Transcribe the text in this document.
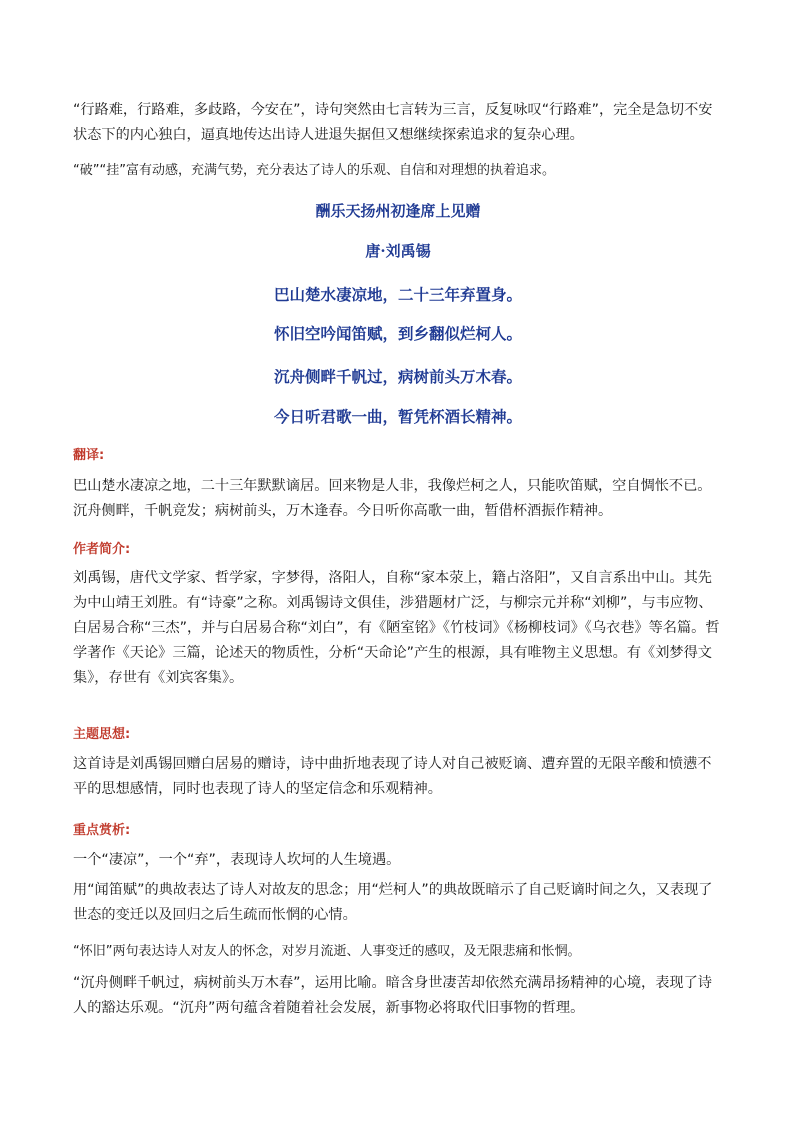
“行路难，行路难，多歧路，今安在”，诗句突然由七言转为三言，反复咏叹“行路难”，完全是急切不安状态下的内心独白，逼真地传达出诗人进退失据但又想继续探索追求的复杂心理。

“破”“挂”富有动感，充满气势，充分表达了诗人的乐观、自信和对理想的执着追求。

酬乐天扬州初逢席上见赠

唐·刘禹锡

巴山楚水凄凉地，二十三年弃置身。

怀旧空吟闻笛赋，到乡翻似烂柯人。

沉舟侧畔千帆过，病树前头万木春。

今日听君歌一曲，暂凭杯酒长精神。

翻译:

巴山楚水凄凉之地，二十三年默默谪居。回来物是人非，我像烂柯之人，只能吹笛赋，空自惆怅不已。沉舟侧畔，千帆竞发；病树前头，万木逢春。今日听你高歌一曲，暂借杯酒振作精神。

作者简介:

刘禹锡，唐代文学家、哲学家，字梦得，洛阳人，自称“家本荥上，籍占洛阳”，又自言系出中山。其先为中山靖王刘胜。有“诗豪”之称。刘禹锡诗文俱佳，涉猎题材广泛，与柳宗元并称“刘柳”，与韦应物、白居易合称“三杰”，并与白居易合称“刘白”，有《陋室铭》《竹枝词》《杨柳枝词》《乌衣巷》等名篇。哲学著作《天论》三篇，论述天的物质性，分析“天命论”产生的根源，具有唯物主义思想。有《刘梦得文集》，存世有《刘宾客集》。

主题思想:

这首诗是刘禹锡回赠白居易的赠诗，诗中曲折地表现了诗人对自己被贬谪、遭弃置的无限辛酸和愤懑不平的思想感情，同时也表现了诗人的坚定信念和乐观精神。

重点赏析:

一个“凄凉”，一个“弃”，表现诗人坎坷的人生境遇。

用“闻笛赋”的典故表达了诗人对故友的思念；用“烂柯人”的典故既暗示了自己贬谪时间之久，又表现了世态的变迁以及回归之后生疏而怅惘的心情。

“怀旧”两句表达诗人对友人的怀念，对岁月流逝、人事变迁的感叹，及无限悲痛和怅惘。

“沉舟侧畔千帆过，病树前头万木春”，运用比喻。暗含身世凄苦却依然充满昂扬精神的心境，表现了诗人的豁达乐观。“沉舟”两句蕴含着随着社会发展，新事物必将取代旧事物的哲理。
